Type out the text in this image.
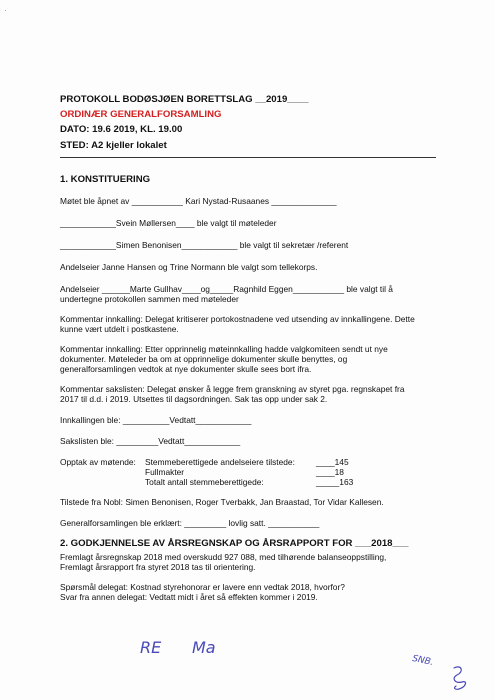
·
PROTOKOLL BODØSJØEN BORETTSLAG __2019____
ORDINÆR GENERALFORSAMLING
DATO: 19.6 2019, KL. 19.00
STED: A2 kjeller lokalet
1. KONSTITUERING
Møtet ble åpnet av ___________ Kari Nystad-Rusaanes ______________
____________Svein Møllersen____ ble valgt til møteleder
____________Simen Benonisen____________ ble valgt til sekretær /referent
Andelseier Janne Hansen og Trine Normann ble valgt som tellekorps.
Andelseier ______Marte Gullhav____og_____Ragnhild Eggen___________ ble valgt til å
undertegne protokollen sammen med møteleder
Kommentar innkalling: Delegat kritiserer portokostnadene ved utsending av innkallingene. Dette
kunne vært utdelt i postkastene.
Kommentar innkalling: Etter opprinnelig møteinnkalling hadde valgkomiteen sendt ut nye
dokumenter. Møteleder ba om at opprinnelige dokumenter skulle benyttes, og
generalforsamlingen vedtok at nye dokumenter skulle sees bort ifra.
Kommentar sakslisten: Delegat ønsker å legge frem granskning av styret pga. regnskapet fra
2017 til d.d. i 2019. Utsettes til dagsordningen. Sak tas opp under sak 2.
Innkallingen ble: __________Vedtatt____________
Sakslisten ble: _________Vedtatt____________
Opptak av møtende: Stemmeberettigede andelseiere tilstede:	____145
Fullmakter	____18
Totalt antall stemmeberettigede:	_____163
Tilstede fra Nobl: Simen Benonisen, Roger Tverbakk, Jan Braastad, Tor Vidar Kallesen.
Generalforsamlingen ble erklært: _________ lovlig satt. ___________
2. GODKJENNELSE AV ÅRSREGNSKAP OG ÅRSRAPPORT FOR ___2018___
Fremlagt årsregnskap 2018 med overskudd 927 088, med tilhørende balanseoppstilling,
Fremlagt årsrapport fra styret 2018 tas til orientering.
Spørsmål delegat: Kostnad styrehonorar er lavere enn vedtak 2018, hvorfor?
Svar fra annen delegat: Vedtatt midt i året så effekten kommer i 2019.
RE Ma
SNB.
